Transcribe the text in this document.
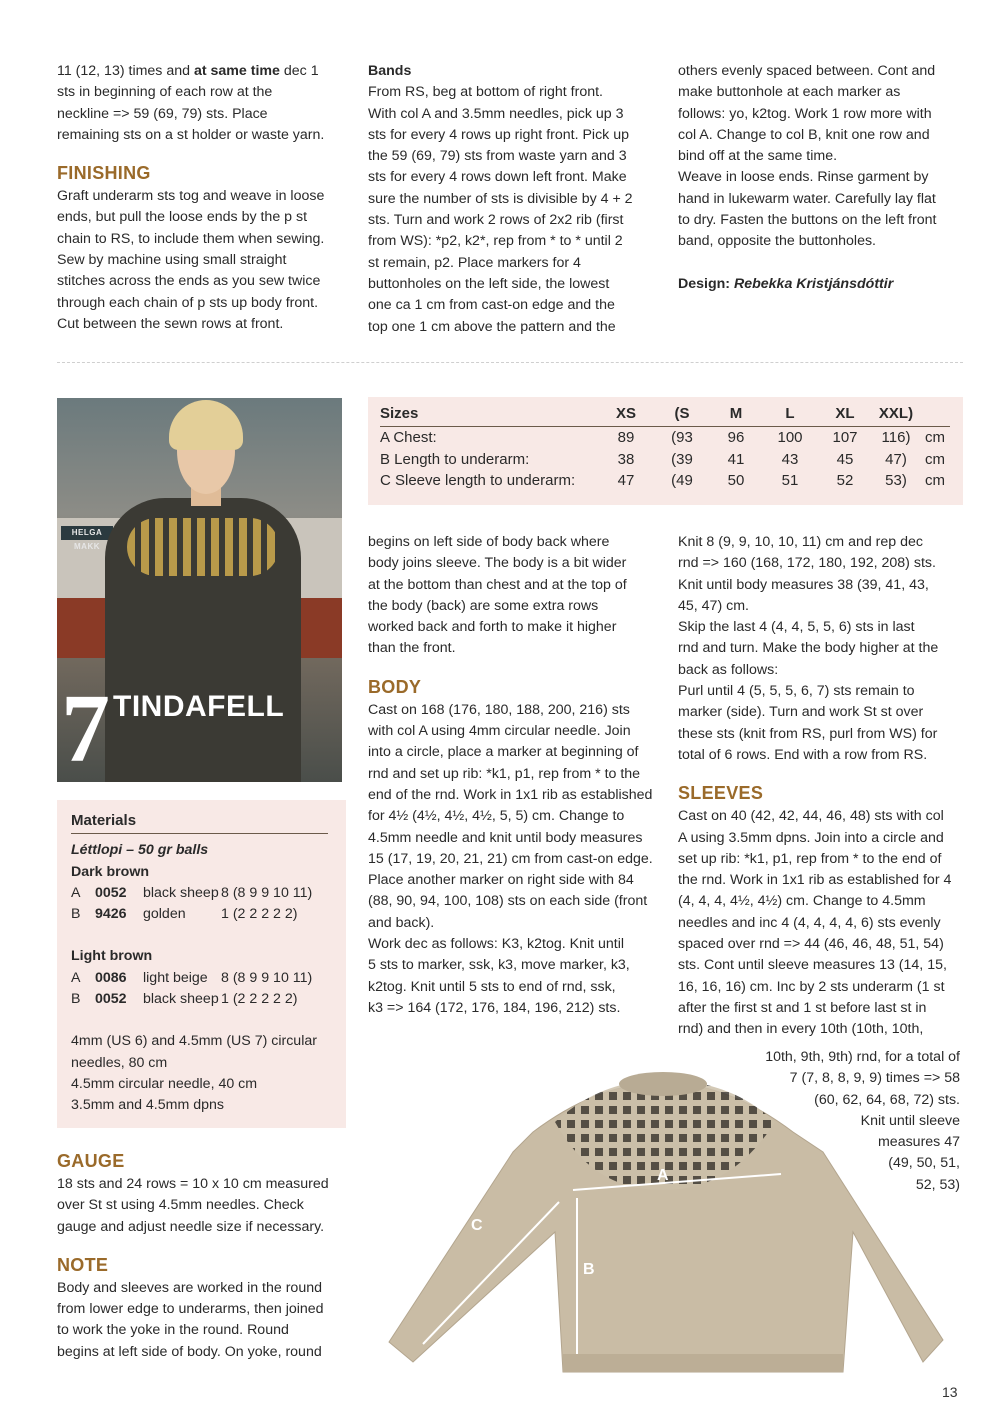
11 (12, 13) times and at same time dec 1

sts in beginning of each row at the

neckline => 59 (69, 79) sts. Place

remaining sts on a st holder or waste yarn.

FINISHING

Graft underarm sts tog and weave in loose

ends, but pull the loose ends by the p st

chain to RS, to include them when sewing.

Sew by machine using small straight

stitches across the ends as you sew twice

through each chain of p sts up body front.

Cut between the sewn rows at front.

Bands

From RS, beg at bottom of right front.

With col A and 3.5mm needles, pick up 3

sts for every 4 rows up right front. Pick up

the 59 (69, 79) sts from waste yarn and 3

sts for every 4 rows down left front. Make

sure the number of sts is divisible by 4 + 2

sts. Turn and work 2 rows of 2x2 rib (first

from WS): *p2, k2*, rep from * to * until 2

st remain, p2. Place markers for 4

buttonholes on the left side, the lowest

one ca 1 cm from cast-on edge and the

top one 1 cm above the pattern and the

others evenly spaced between. Cont and

make buttonhole at each marker as

follows: yo, k2tog. Work 1 row more with

col A. Change to col B, knit one row and

bind off at the same time.

Weave in loose ends. Rinse garment by

hand in lukewarm water. Carefully lay flat

to dry. Fasten the buttons on the left front

band, opposite the buttonholes.

Design: Rebekka Kristjánsdóttir

HELGA MAKK
7 TINDAFELL
Sizes	XS	(S	M	L	XL	XXL)	
A Chest:	89	(93	96	100	107	116)	cm
B Length to underarm:	38	(39	41	43	45	47)	cm
C Sleeve length to underarm:	47	(49	50	51	52	53)	cm
Materials

Léttlopi – 50 gr balls

Dark brown

A	0052	black sheep 8 (8 9 9 10 11)
B	9426	golden	1 (2 2 2 2 2)

Light brown

A	0086	light beige 8 (8 9 9 10 11)
B	0052	black sheep 1 (2 2 2 2 2)

4mm (US 6) and 4.5mm (US 7) circular

needles, 80 cm

4.5mm circular needle, 40 cm

3.5mm and 4.5mm dpns

GAUGE

18 sts and 24 rows = 10 x 10 cm measured

over St st using 4.5mm needles. Check

gauge and adjust needle size if necessary.

NOTE

Body and sleeves are worked in the round

from lower edge to underarms, then joined

to work the yoke in the round. Round

begins at left side of body. On yoke, round

begins on left side of body back where

body joins sleeve. The body is a bit wider

at the bottom than chest and at the top of

the body (back) are some extra rows

worked back and forth to make it higher

than the front.

BODY

Cast on 168 (176, 180, 188, 200, 216) sts

with col A using 4mm circular needle. Join

into a circle, place a marker at beginning of

rnd and set up rib: *k1, p1, rep from * to the

end of the rnd. Work in 1x1 rib as established

for 4½ (4½, 4½, 4½, 5, 5) cm. Change to

4.5mm needle and knit until body measures

15 (17, 19, 20, 21, 21) cm from cast-on edge.

Place another marker on right side with 84

(88, 90, 94, 100, 108) sts on each side (front

and back).

Work dec as follows: K3, k2tog. Knit until

5 sts to marker, ssk, k3, move marker, k3,

k2tog. Knit until 5 sts to end of rnd, ssk,

k3 => 164 (172, 176, 184, 196, 212) sts.

Knit 8 (9, 9, 10, 10, 11) cm and rep dec

rnd => 160 (168, 172, 180, 192, 208) sts.

Knit until body measures 38 (39, 41, 43,

45, 47) cm.

Skip the last 4 (4, 4, 5, 5, 6) sts in last

rnd and turn. Make the body higher at the

back as follows:

Purl until 4 (5, 5, 5, 6, 7) sts remain to

marker (side). Turn and work St st over

these sts (knit from RS, purl from WS) for

total of 6 rows. End with a row from RS.

SLEEVES

Cast on 40 (42, 42, 44, 46, 48) sts with col

A using 3.5mm dpns. Join into a circle and

set up rib: *k1, p1, rep from * to the end of

the rnd. Work in 1x1 rib as established for 4

(4, 4, 4, 4½, 4½) cm. Change to 4.5mm

needles and inc 4 (4, 4, 4, 4, 6) sts evenly

spaced over rnd => 44 (46, 46, 48, 51, 54)

sts. Cont until sleeve measures 13 (14, 15,

16, 16, 16) cm. Inc by 2 sts underarm (1 st

after the first st and 1 st before last st in

rnd) and then in every 10th (10th, 10th,

10th, 9th, 9th) rnd, for a total of

7 (7, 8, 8, 9, 9) times => 58

(60, 62, 64, 68, 72) sts.

Knit until sleeve

measures 47

(49, 50, 51,

52, 53)

A
B
C
13
